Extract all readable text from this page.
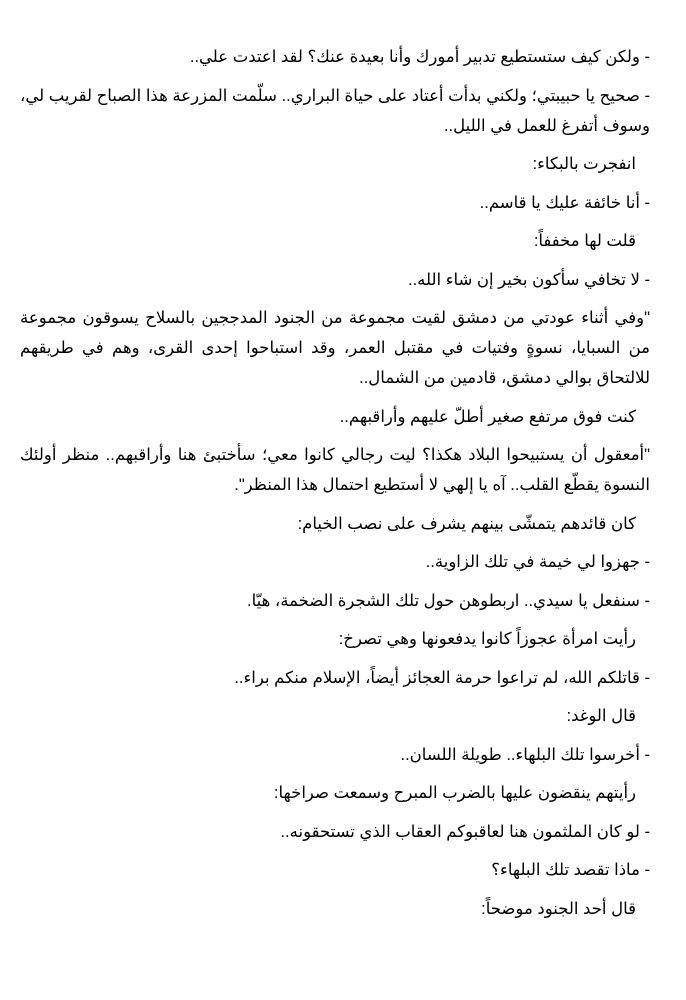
- ولكن كيف ستستطيع تدبير أمورك وأنا بعيدة عنك؟ لقد اعتدت علي..

- صحيح يا حبيبتي؛ ولكني بدأت أعتاد على حياة البراري.. سلّمت المزرعة هذا الصباح لقريب لي، وسوف أتفرغ للعمل في الليل..

انفجرت بالبكاء:

- أنا خائفة عليك يا قاسم..

قلت لها مخففاً:

- لا تخافي سأكون بخير إن شاء الله..

"وفي أثناء عودتي من دمشق لقيت مجموعة من الجنود المدججين بالسلاح يسوقون مجموعة من السبايا، نسوةٍ وفتيات في مقتبل العمر، وقد استباحوا إحدى القرى، وهم في طريقهم للالتحاق بوالي دمشق، قادمين من الشمال..

كنت فوق مرتفع صغير أطلّ عليهم وأراقبهم..

"أمعقول أن يستبيحوا البلاد هكذا؟ ليت رجالي كانوا معي؛ سأختبئ هنا وأراقبهم.. منظر أولئك النسوة يقطّع القلب.. آه يا إلهي لا أستطيع احتمال هذا المنظر".

كان قائدهم يتمشّى بينهم يشرف على نصب الخيام:

- جهزوا لي خيمة في تلك الزاوية..

- سنفعل يا سيدي.. اربطوهن حول تلك الشجرة الضخمة، هيّا.

رأيت امرأة عجوزاً كانوا يدفعونها وهي تصرخ:

- قاتلكم الله، لم تراعوا حرمة العجائز أيضاً، الإسلام منكم براء..

قال الوغد:

- أخرسوا تلك البلهاء.. طويلة اللسان..

رأيتهم ينقضون عليها بالضرب المبرح وسمعت صراخها:

- لو كان الملثمون هنا لعاقبوكم العقاب الذي تستحقونه..

- ماذا تقصد تلك البلهاء؟

قال أحد الجنود موضحاً:
